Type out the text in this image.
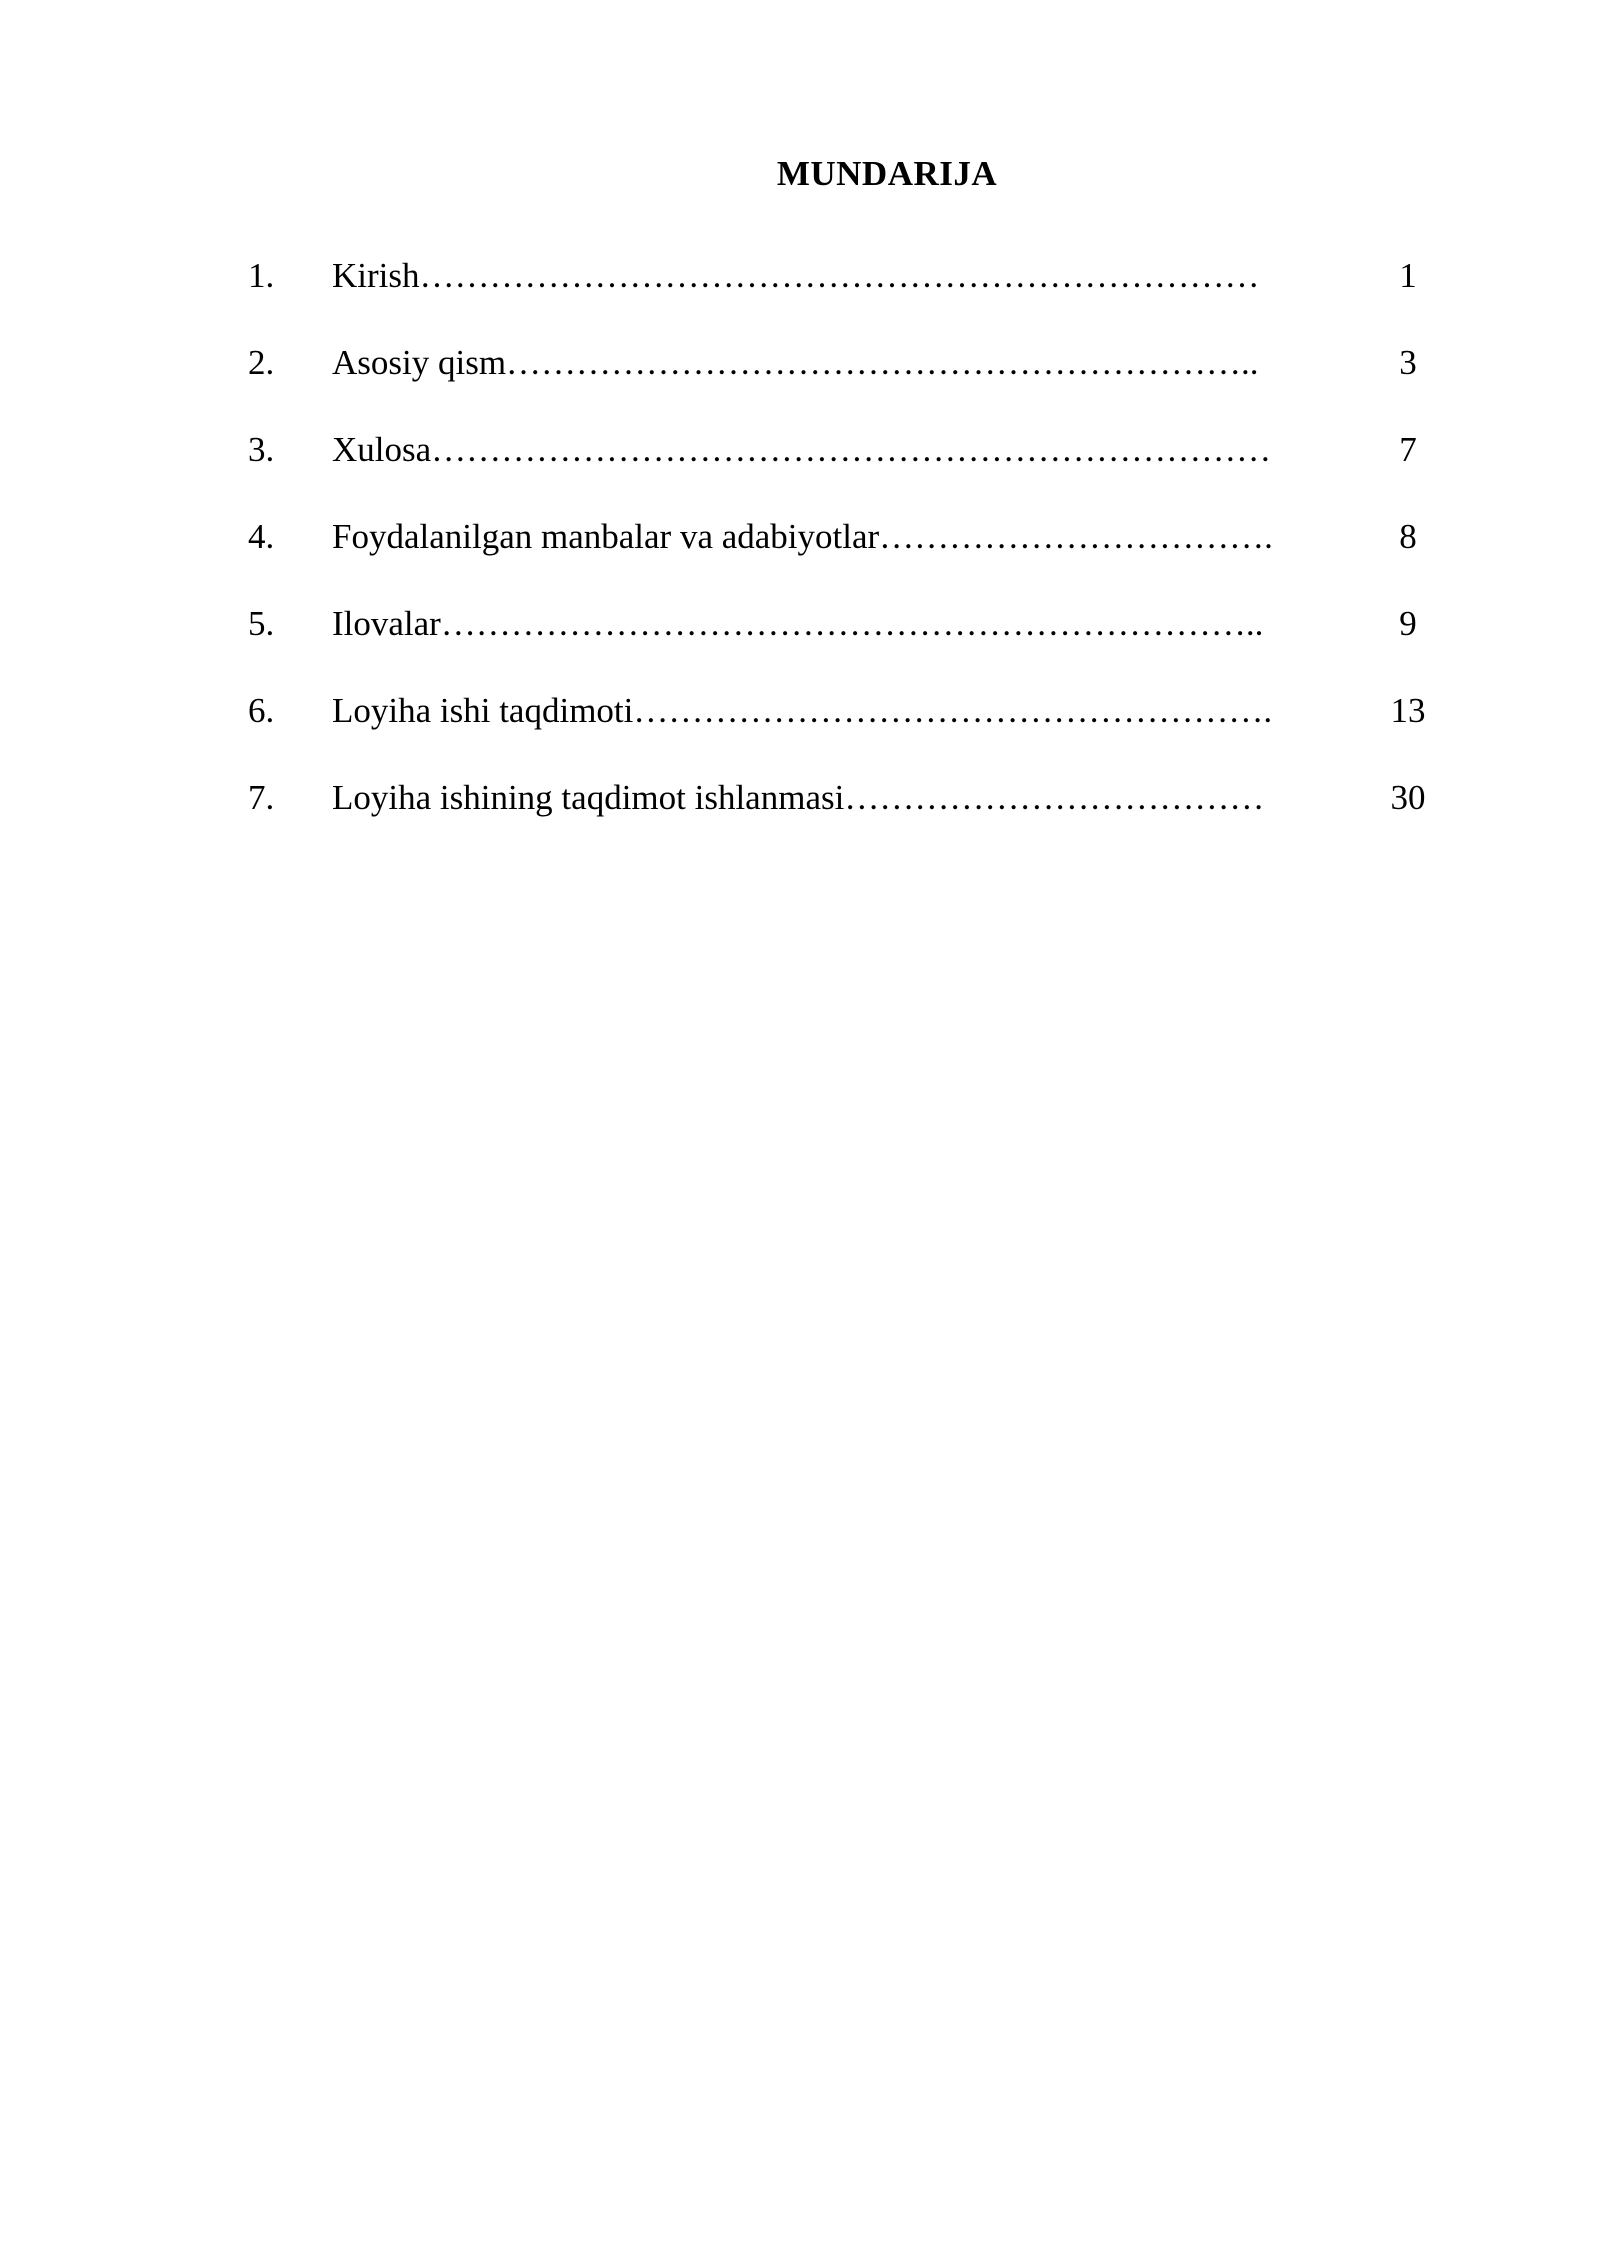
MUNDARIJA
1. Kirish………………………………………………………………	1
2. Asosiy qism………………………………………………………..	3
3. Xulosa………………………………………………………………	7
4. Foydalanilgan manbalar va adabiyotlar…………………………….	8
5. Ilovalar……………………………………………………………..	9
6. Loyiha ishi taqdimoti……………………………………………….	13
7. Loyiha ishining taqdimot ishlanmasi………………………………	30
